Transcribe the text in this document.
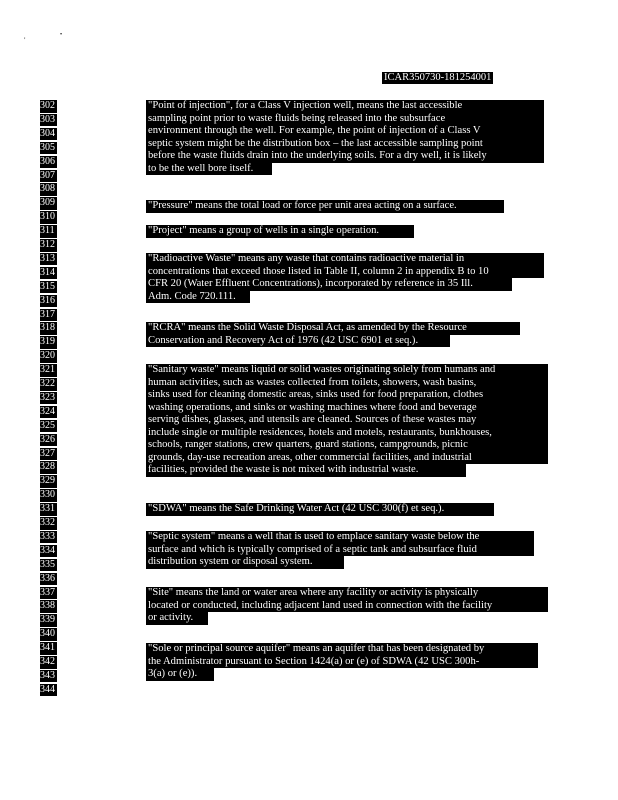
,	•
ICAR350730-181254001
302
303
304
305
306
307
308
309
310
311
312
313
314
315
316
317
318
319
320
321
322
323
324
325
326
327
328
329
330
331
332
333
334
335
336
337
338
339
340
341
342
343
344
"Point of injection", for a Class V injection well, means the last accessible
sampling point prior to waste fluids being released into the subsurface
environment through the well. For example, the point of injection of a Class V
septic system might be the distribution box – the last accessible sampling point
before the waste fluids drain into the underlying soils. For a dry well, it is likely
to be the well bore itself.
"Pressure" means the total load or force per unit area acting on a surface.
"Project" means a group of wells in a single operation.
"Radioactive Waste" means any waste that contains radioactive material in
concentrations that exceed those listed in Table II, column 2 in appendix B to 10
CFR 20 (Water Effluent Concentrations), incorporated by reference in 35 Ill.
Adm. Code 720.111.
"RCRA" means the Solid Waste Disposal Act, as amended by the Resource
Conservation and Recovery Act of 1976 (42 USC 6901 et seq.).
"Sanitary waste" means liquid or solid wastes originating solely from humans and
human activities, such as wastes collected from toilets, showers, wash basins,
sinks used for cleaning domestic areas, sinks used for food preparation, clothes
washing operations, and sinks or washing machines where food and beverage
serving dishes, glasses, and utensils are cleaned. Sources of these wastes may
include single or multiple residences, hotels and motels, restaurants, bunkhouses,
schools, ranger stations, crew quarters, guard stations, campgrounds, picnic
grounds, day-use recreation areas, other commercial facilities, and industrial
facilities, provided the waste is not mixed with industrial waste.
"SDWA" means the Safe Drinking Water Act (42 USC 300(f) et seq.).
"Septic system" means a well that is used to emplace sanitary waste below the
surface and which is typically comprised of a septic tank and subsurface fluid
distribution system or disposal system.
"Site" means the land or water area where any facility or activity is physically
located or conducted, including adjacent land used in connection with the facility
or activity.
"Sole or principal source aquifer" means an aquifer that has been designated by
the Administrator pursuant to Section 1424(a) or (e) of SDWA (42 USC 300h-
3(a) or (e)).
